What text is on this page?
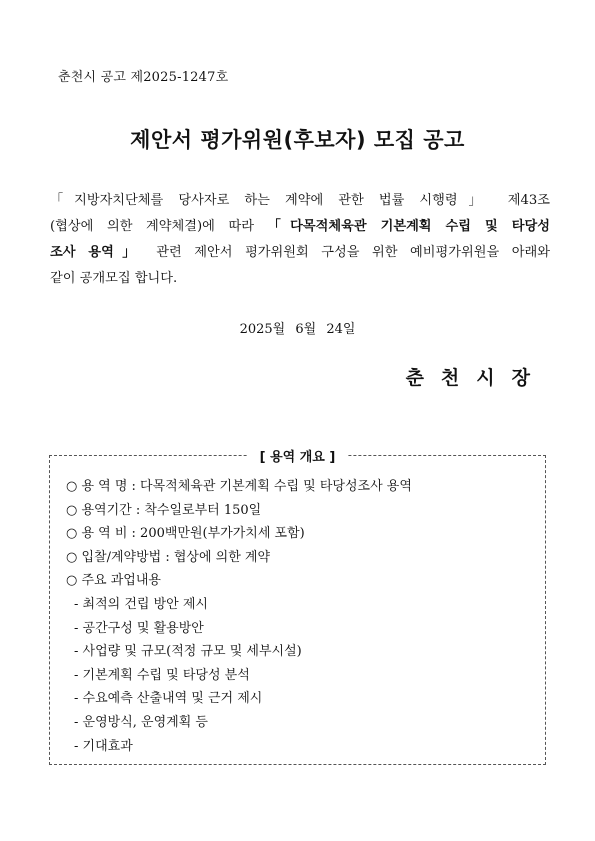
춘천시 공고 제2025-1247호
제안서 평가위원(후보자) 모집 공고
「지방자치단체를 당사자로 하는 계약에 관한 법률 시행령」 제43조
(협상에 의한 계약체결)에 따라 「다목적체육관 기본계획 수립 및 타당성
조사 용역」 관련 제안서 평가위원회 구성을 위한 예비평가위원을 아래와
같이 공개모집 합니다.
2025월 6월 24일
춘천시장
[ 용역 개요 ]
○ 용 역 명 : 다목적체육관 기본계획 수립 및 타당성조사 용역
○ 용역기간 : 착수일로부터 150일
○ 용 역 비 : 200백만원(부가가치세 포함)
○ 입찰/계약방법 : 협상에 의한 계약
○ 주요 과업내용
- 최적의 건립 방안 제시
- 공간구성 및 활용방안
- 사업량 및 규모(적정 규모 및 세부시설)
- 기본계획 수립 및 타당성 분석
- 수요예측 산출내역 및 근거 제시
- 운영방식, 운영계획 등
- 기대효과
